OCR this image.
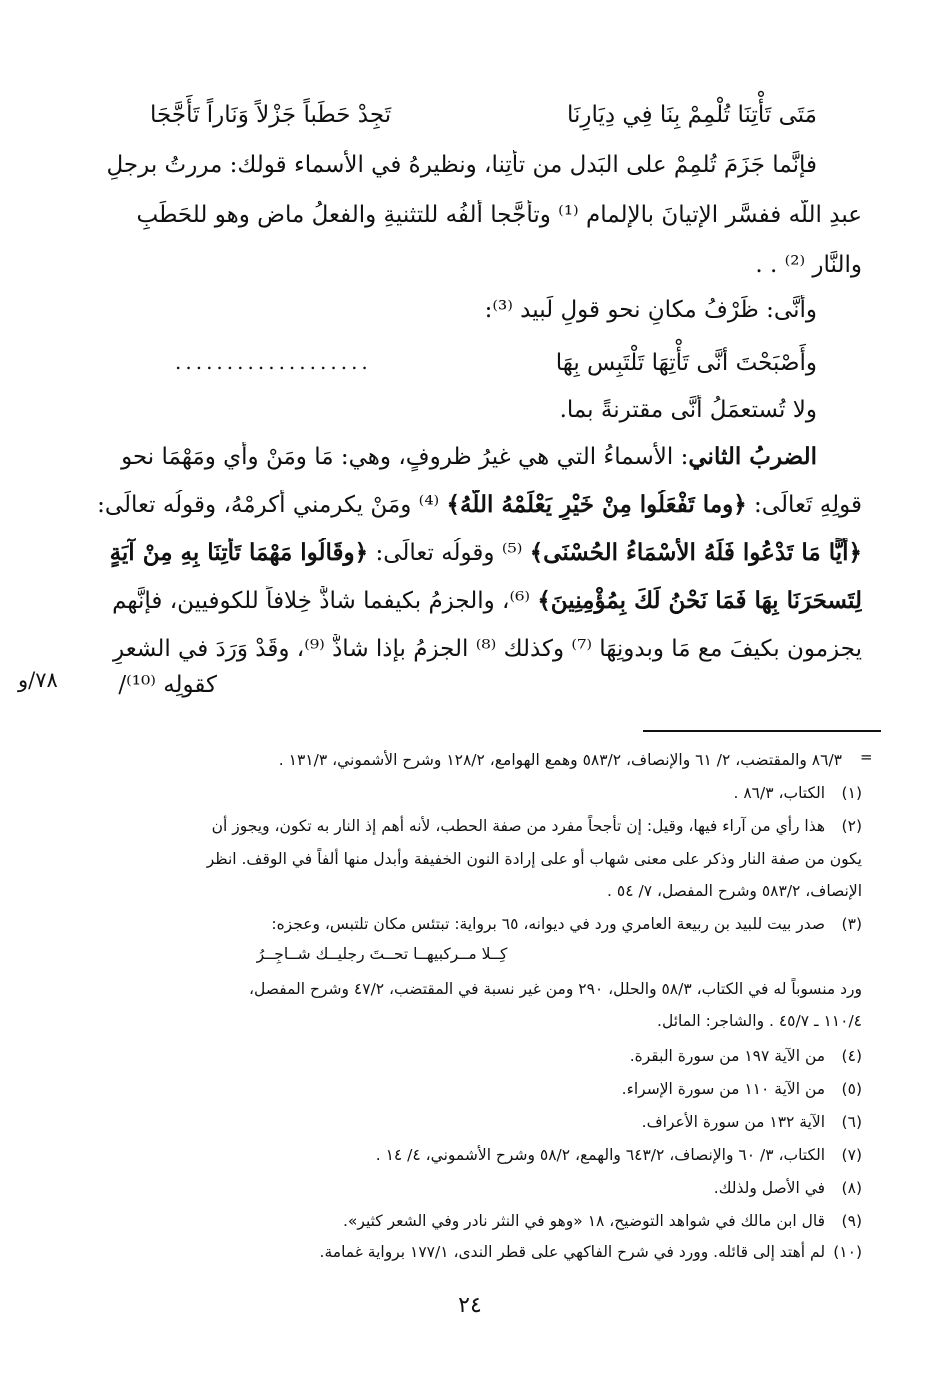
مَتَى تَأْتِنَا تُلْمِمْ بِنَا فِي دِيَارِنَا
تَجِدْ حَطَباً جَزْلاً وَنَاراً تَأَجَّجَا
فإنَّما جَزَمَ تُلمِمْ على البَدل من تأتِنا، ونظيرهُ في الأسماء قولك: مررتُ برجلٍ
عبدِ اللّه ففسَّر الإتيانَ بالإلمام ⁽¹⁾ وتأجَّجا ألفُه للتثنيةِ والفعلُ ماضٍ وهو للحَطَبِ
والنَّار ⁽²⁾ . .
وأنَّى: ظَرْفُ مكانٍ نحو قولِ لَبيد ⁽³⁾:
وأَصْبَحْتَ أنَّى تَأْتِهَا تَلْتَبِس بِهَا
...................
ولا تُستعمَلُ أنَّى مقترنةً بما.
الضربُ الثاني: الأسماءُ التي هي غيرُ ظروفٍ، وهي: مَا ومَنْ وأي ومَهْمَا نحو
قولِهِ تَعالَى: ﴿وما تَفْعَلُوا مِنْ خَيْرٍ يَعْلَمْهُ اللَّهُ﴾ ⁽⁴⁾ ومَنْ يكرمني أكرمْهُ، وقولُه تعالَى:
﴿أَيًّا مَا تَدْعُوا فَلَهُ الأَسْمَاءُ الحُسْنَى﴾ ⁽⁵⁾ وقولُه تعالَى: ﴿وقَالُوا مَهْمَا تَأْتِنَا بِهِ مِنْ آيَةٍ
لِتَسحَرَنَا بِهَا فَمَا نَحْنُ لَكَ بِمُؤْمِنِينَ﴾ ⁽⁶⁾، والجزمُ بكيفما شاذٌّ خِلافاً للكوفيين، فإنَّهم
يجزمون بكيفَ مع مَا وبدونِهَا ⁽⁷⁾ وكذلك ⁽⁸⁾ الجزمُ بإذا شاذٌّ ⁽⁹⁾، وقَدْ وَرَدَ في الشعرِ
كقولِه ⁽¹⁰⁾/
٧٨/و
=
٨٦/٣ والمقتضب، ٢/ ٦١ والإنصاف، ٥٨٣/٢ وهمع الهوامع، ١٢٨/٢ وشرح الأشموني، ١٣١/٣ .
(١) الكتاب، ٨٦/٣ .
(٢) هذا رأي من آراء فيها، وقيل: إن تأجحاً مفرد من صفة الحطب، لأنه أهم إذ النار به تكون، ويجوز أن
يكون من صفة النار وذكر على معنى شهاب أو على إرادة النون الخفيفة وأبدل منها ألفاً في الوقف. انظر
الإنصاف، ٥٨٣/٢ وشرح المفصل، ٧/ ٥٤ .
(٣) صدر بيت للبيد بن ربيعة العامري ورد في ديوانه، ٦٥ برواية: تبتئس مكان تلتبس، وعجزه:
كِــلا مــركبيهــا تحــتَ رجليــك شــاجِــرُ
ورد منسوباً له في الكتاب، ٥٨/٣ والحلل، ٢٩٠ ومن غير نسبة في المقتضب، ٤٧/٢ وشرح المفصل،
١١٠/٤ ـ ٤٥/٧ . والشاجر: المائل.
(٤) من الآية ١٩٧ من سورة البقرة.
(٥) من الآية ١١٠ من سورة الإسراء.
(٦) الآية ١٣٢ من سورة الأعراف.
(٧) الكتاب، ٣/ ٦٠ والإنصاف، ٦٤٣/٢ والهمع، ٥٨/٢ وشرح الأشموني، ٤/ ١٤ .
(٨) في الأصل ولذلك.
(٩) قال ابن مالك في شواهد التوضيح، ١٨ «وهو في النثر نادر وفي الشعر كثير».
(١٠) لم أهتد إلى قائله. وورد في شرح الفاكهي على قطر الندى، ١٧٧/١ برواية غمامة.
٢٤
